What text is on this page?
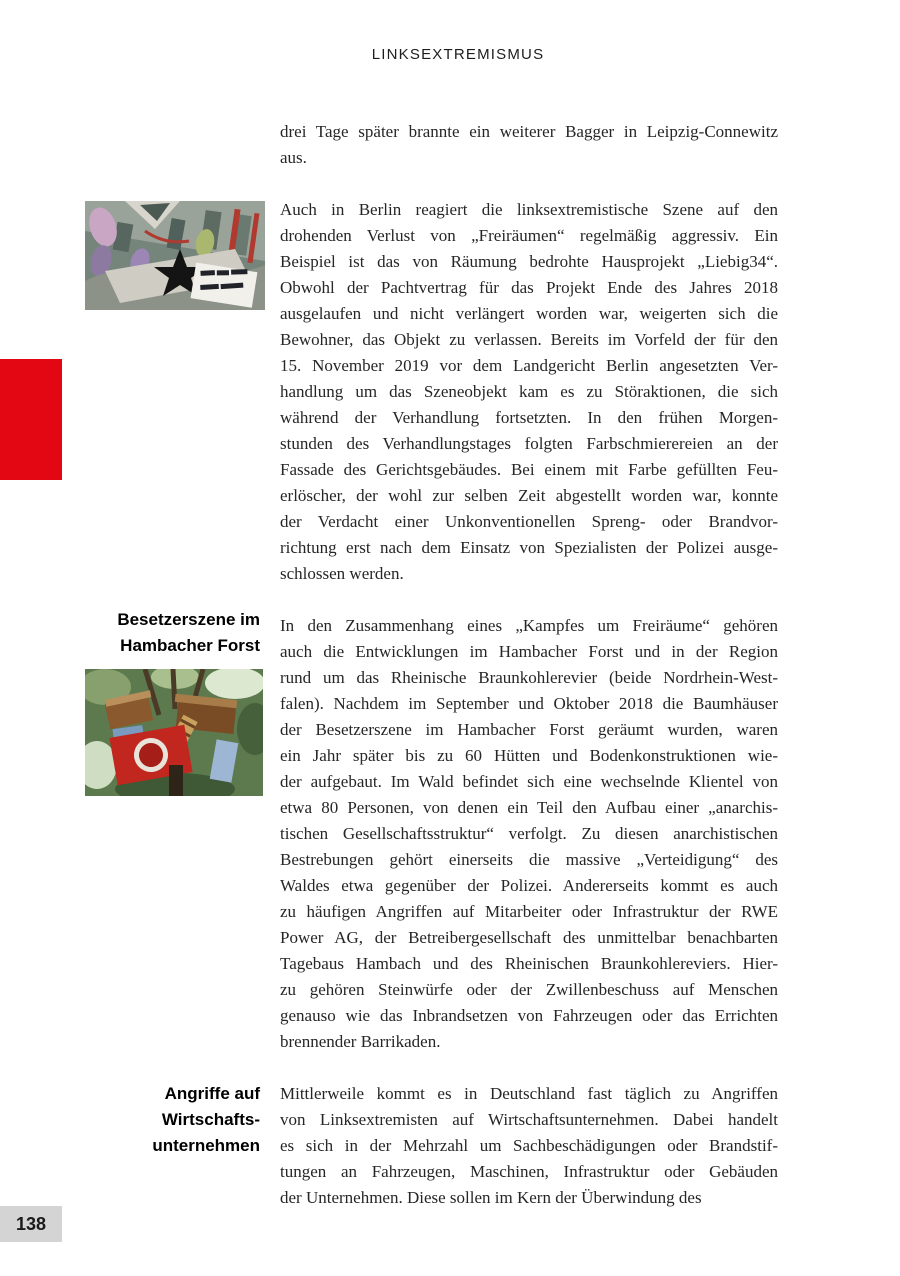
LINKSEXTREMISMUS
Besetzerszene im
Hambacher Forst
Angriffe auf
Wirtschafts-
unternehmen
drei Tage später brannte ein weiterer Bagger in Leipzig-Connewitz
aus.
Auch in Berlin reagiert die linksextremistische Szene auf den
drohenden Verlust von „Freiräumen“ regelmäßig aggressiv. Ein
Beispiel ist das von Räumung bedrohte Hausprojekt „Liebig34“.
Obwohl der Pachtvertrag für das Projekt Ende des Jahres 2018
ausgelaufen und nicht verlängert worden war, weigerten sich die
Bewohner, das Objekt zu verlassen. Bereits im Vorfeld der für den
15. November 2019 vor dem Landgericht Berlin angesetzten Ver-
handlung um das Szeneobjekt kam es zu Störaktionen, die sich
während der Verhandlung fortsetzten. In den frühen Morgen-
stunden des Verhandlungstages folgten Farbschmierereien an der
Fassade des Gerichtsgebäudes. Bei einem mit Farbe gefüllten Feu-
erlöscher, der wohl zur selben Zeit abgestellt worden war, konnte
der Verdacht einer Unkonventionellen Spreng- oder Brandvor-
richtung erst nach dem Einsatz von Spezialisten der Polizei ausge-
schlossen werden.
In den Zusammenhang eines „Kampfes um Freiräume“ gehören
auch die Entwicklungen im Hambacher Forst und in der Region
rund um das Rheinische Braunkohlerevier (beide Nordrhein-West-
falen). Nachdem im September und Oktober 2018 die Baumhäuser
der Besetzerszene im Hambacher Forst geräumt wurden, waren
ein Jahr später bis zu 60 Hütten und Bodenkonstruktionen wie-
der aufgebaut. Im Wald befindet sich eine wechselnde Klientel von
etwa 80 Personen, von denen ein Teil den Aufbau einer „anarchis-
tischen Gesellschaftsstruktur“ verfolgt. Zu diesen anarchistischen
Bestrebungen gehört einerseits die massive „Verteidigung“ des
Waldes etwa gegenüber der Polizei. Andererseits kommt es auch
zu häufigen Angriffen auf Mitarbeiter oder Infrastruktur der RWE
Power AG, der Betreibergesellschaft des unmittelbar benachbarten
Tagebaus Hambach und des Rheinischen Braunkohlereviers. Hier-
zu gehören Steinwürfe oder der Zwillenbeschuss auf Menschen
genauso wie das Inbrandsetzen von Fahrzeugen oder das Errichten
brennender Barrikaden.
Mittlerweile kommt es in Deutschland fast täglich zu Angriffen
von Linksextremisten auf Wirtschaftsunternehmen. Dabei handelt
es sich in der Mehrzahl um Sachbeschädigungen oder Brandstif-
tungen an Fahrzeugen, Maschinen, Infrastruktur oder Gebäuden
der Unternehmen. Diese sollen im Kern der Überwindung des
138
